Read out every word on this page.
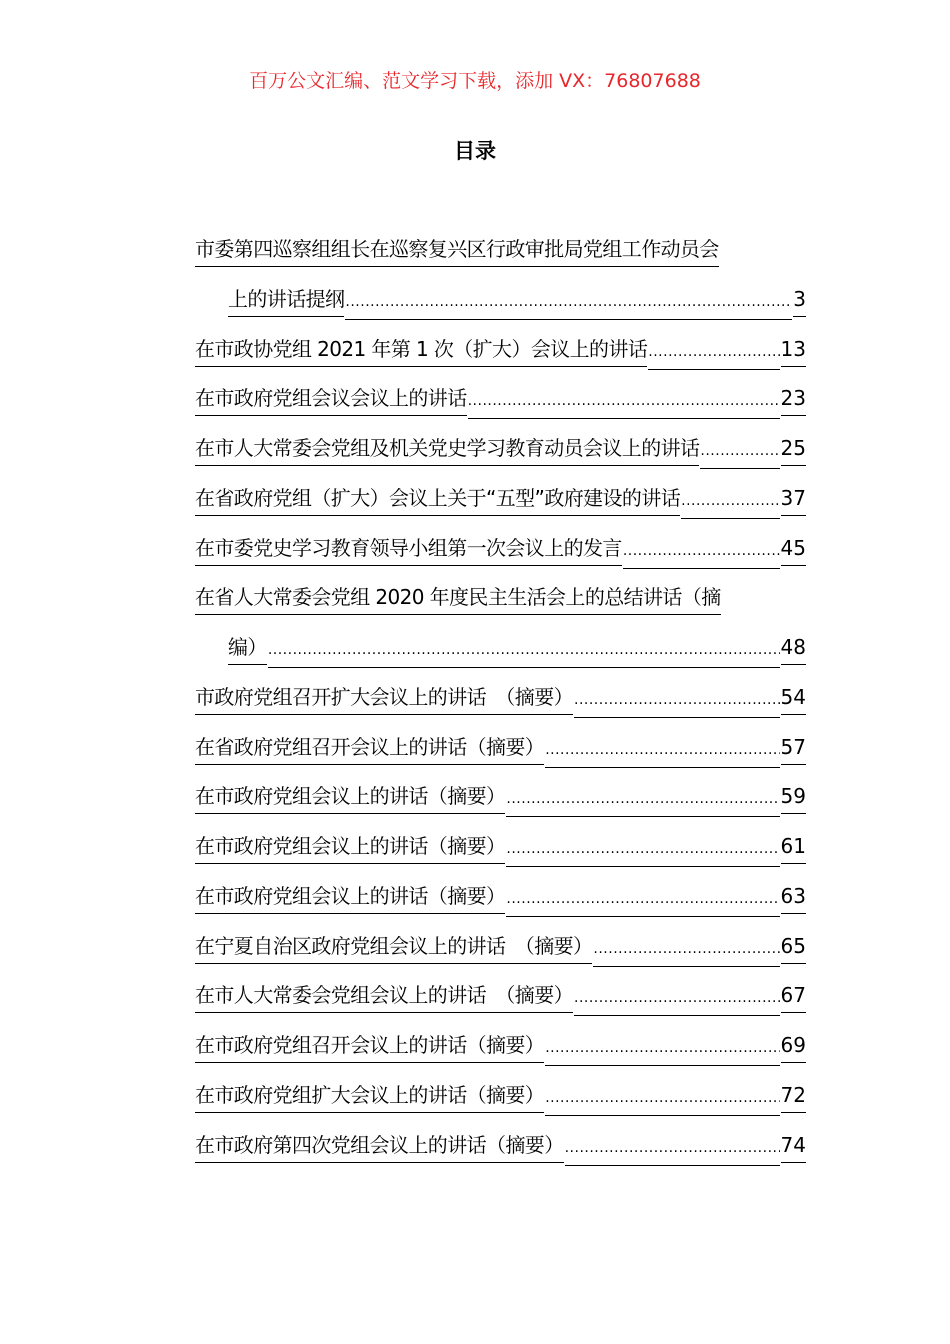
百万公文汇编、范文学习下载，添加 VX：76807688
目录
市委第四巡察组组长在巡察复兴区行政审批局党组工作动员会
上的讲话提纲 .....	3
在市政协党组 2021 年第 1 次（扩大）会议上的讲话 .....	13
在市政府党组会议会议上的讲话 .....	23
在市人大常委会党组及机关党史学习教育动员会议上的讲话 .....	25
在省政府党组（扩大）会议上关于“五型”政府建设的讲话 .....	37
在市委党史学习教育领导小组第一次会议上的发言 .....	45
在省人大常委会党组 2020 年度民主生活会上的总结讲话（摘
编） .....	48
市政府党组召开扩大会议上的讲话　（摘要） .....	54
在省政府党组召开会议上的讲话（摘要） .....	57
在市政府党组会议上的讲话（摘要） .....	59
在市政府党组会议上的讲话（摘要） .....	61
在市政府党组会议上的讲话（摘要） .....	63
在宁夏自治区政府党组会议上的讲话　（摘要） .....	65
在市人大常委会党组会议上的讲话　（摘要） .....	67
在市政府党组召开会议上的讲话（摘要） .....	69
在市政府党组扩大会议上的讲话（摘要） .....	72
在市政府第四次党组会议上的讲话（摘要） .....	74
